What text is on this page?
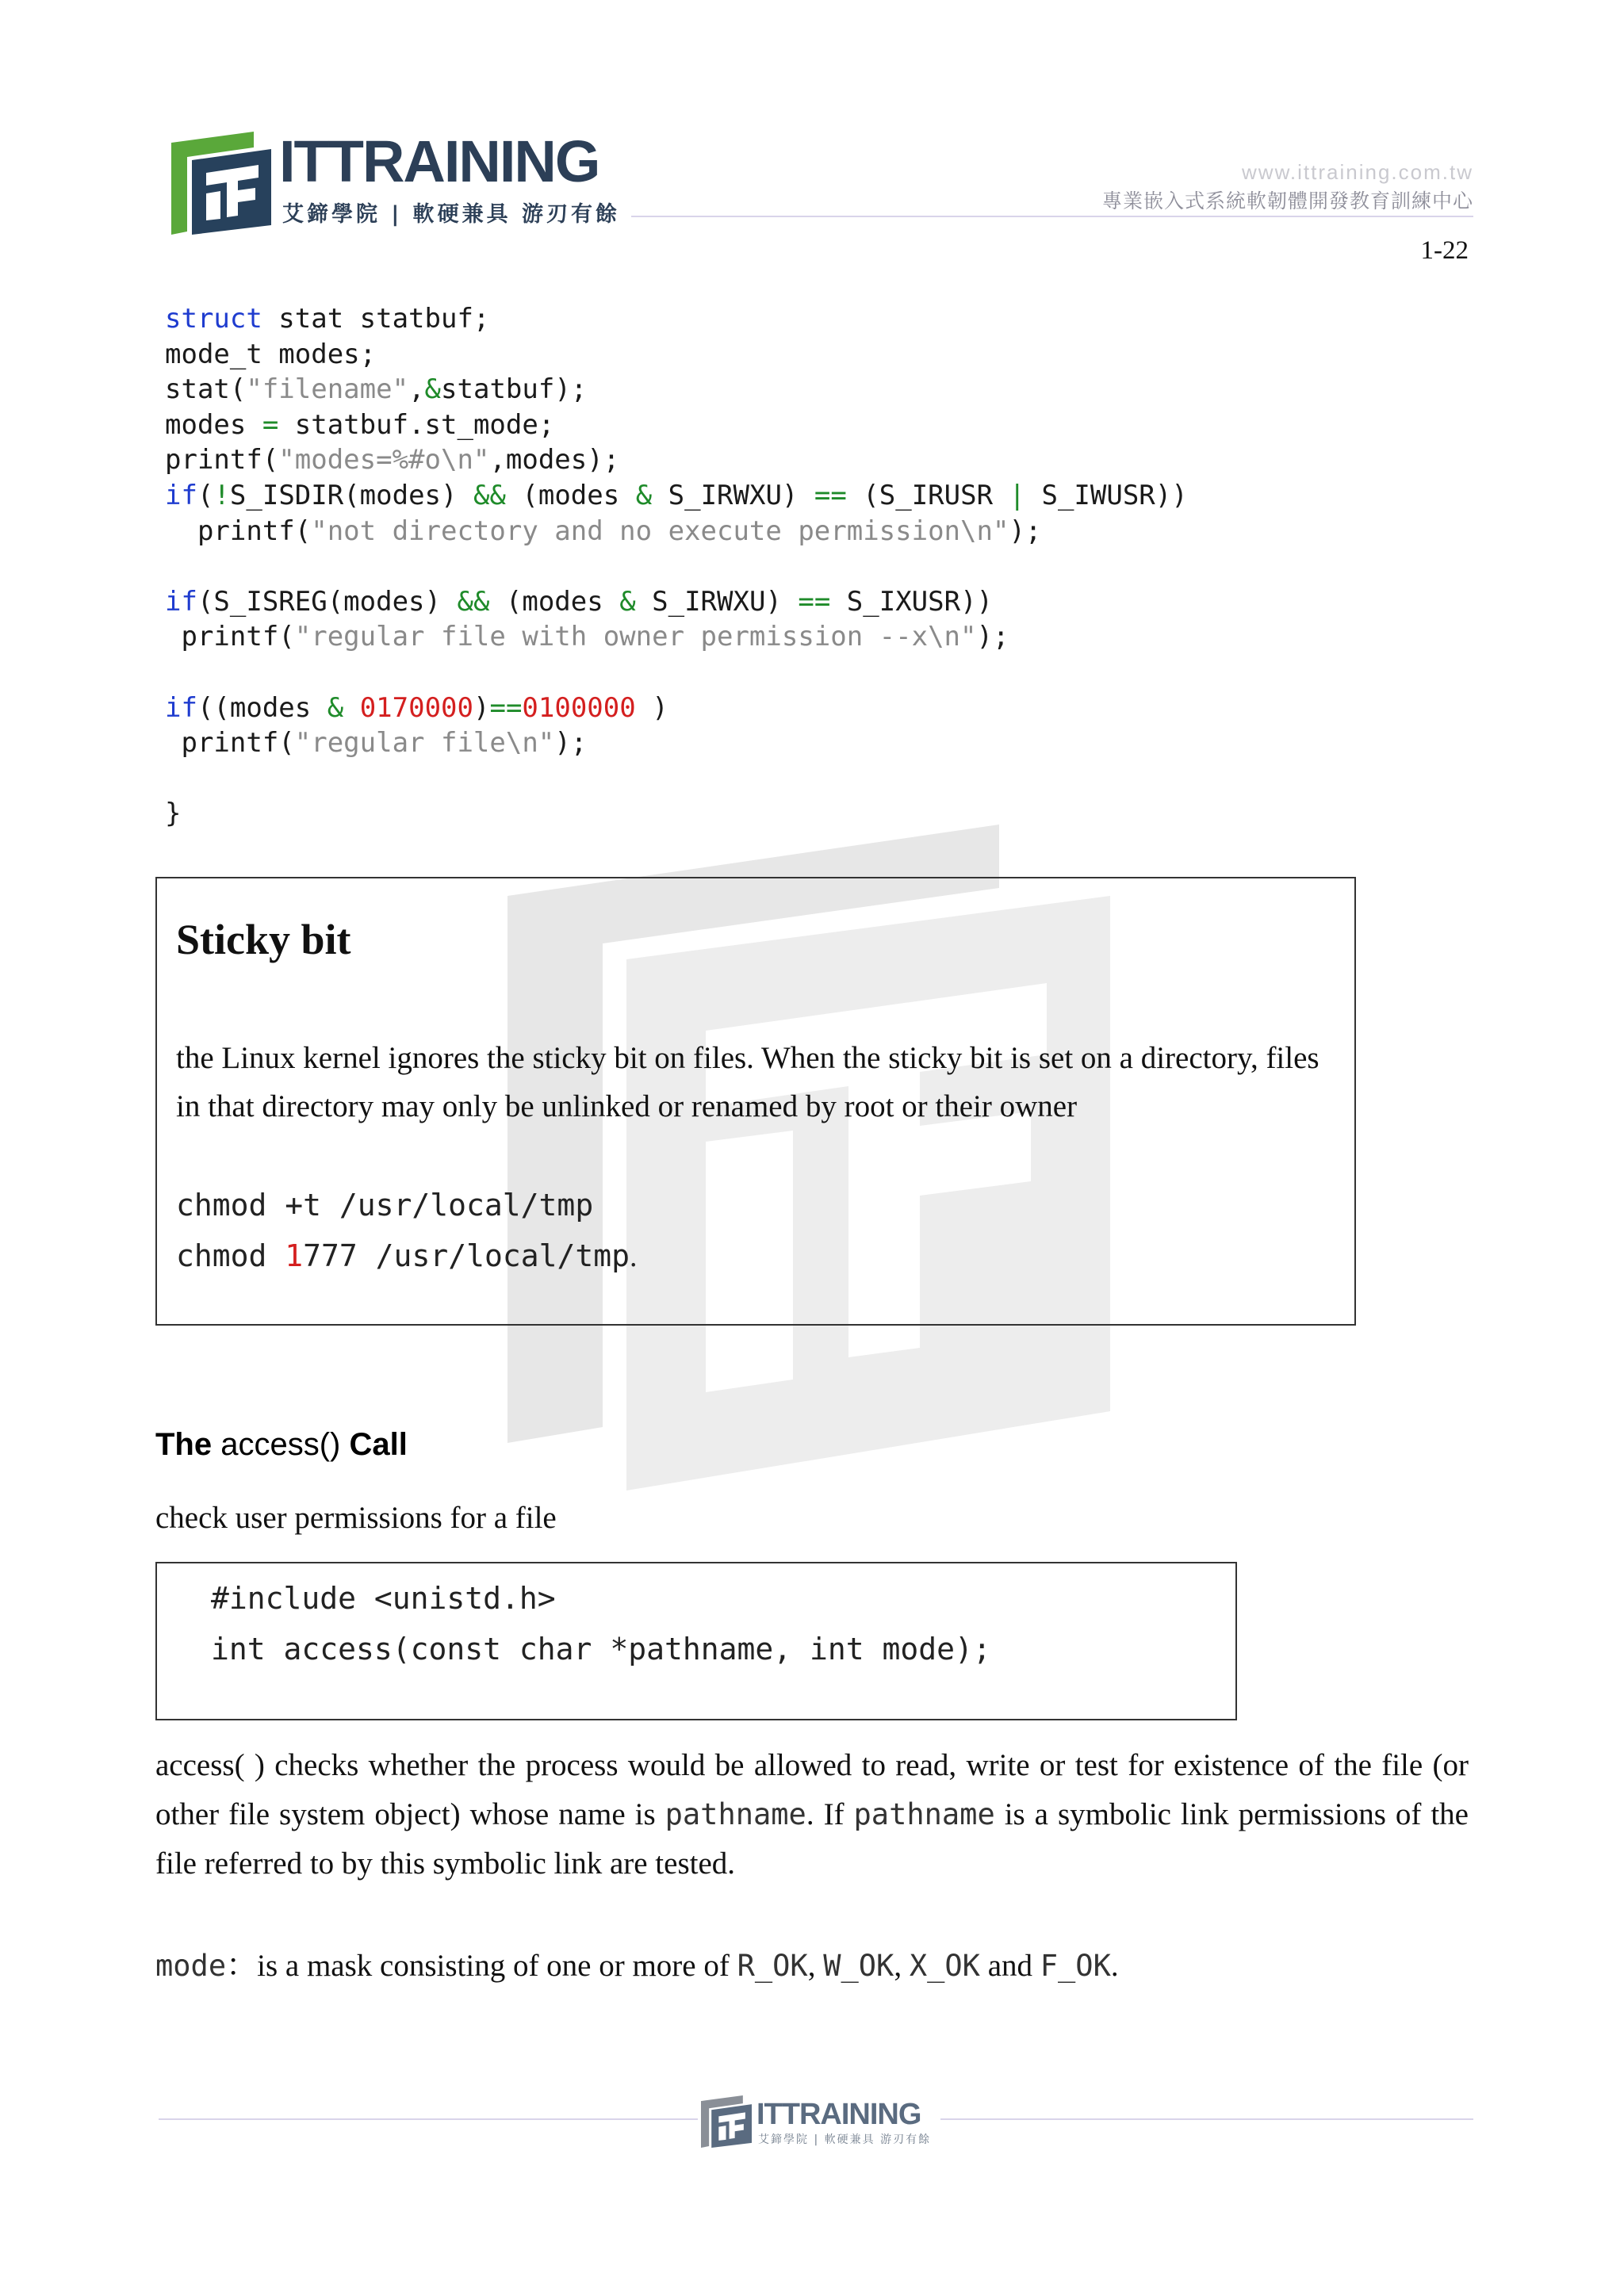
ITTRAINING
艾鍗學院 | 軟硬兼具 游刃有餘
www.ittraining.com.tw
專業嵌入式系統軟韌體開發教育訓練中心
1-22
struct stat statbuf;
mode_t modes;
stat("filename",&statbuf);
modes = statbuf.st_mode;
printf("modes=%#o\n",modes);
if(!S_ISDIR(modes) && (modes & S_IRWXU) == (S_IRUSR | S_IWUSR))
printf("not directory and no execute permission\n");
if(S_ISREG(modes) && (modes & S_IRWXU) == S_IXUSR))
printf("regular file with owner permission --x\n");
if((modes & 0170000)==0100000 )
printf("regular file\n");
}
Sticky bit
the Linux kernel ignores the sticky bit on files. When the sticky bit is set on a directory, files in that directory may only be unlinked or renamed by root or their owner
chmod +t /usr/local/tmp
chmod 1777 /usr/local/tmp.
The access() Call
check user permissions for a file
#include <unistd.h>
int access(const char *pathname, int mode);
access( ) checks whether the process would be allowed to read, write or test for existence of the file (or other file system object) whose name is pathname. If pathname is a symbolic link permissions of the file referred to by this symbolic link are tested.
mode：is a mask consisting of one or more of R_OK, W_OK, X_OK and F_OK.
ITTRAINING
艾鍗學院 | 軟硬兼具 游刃有餘
